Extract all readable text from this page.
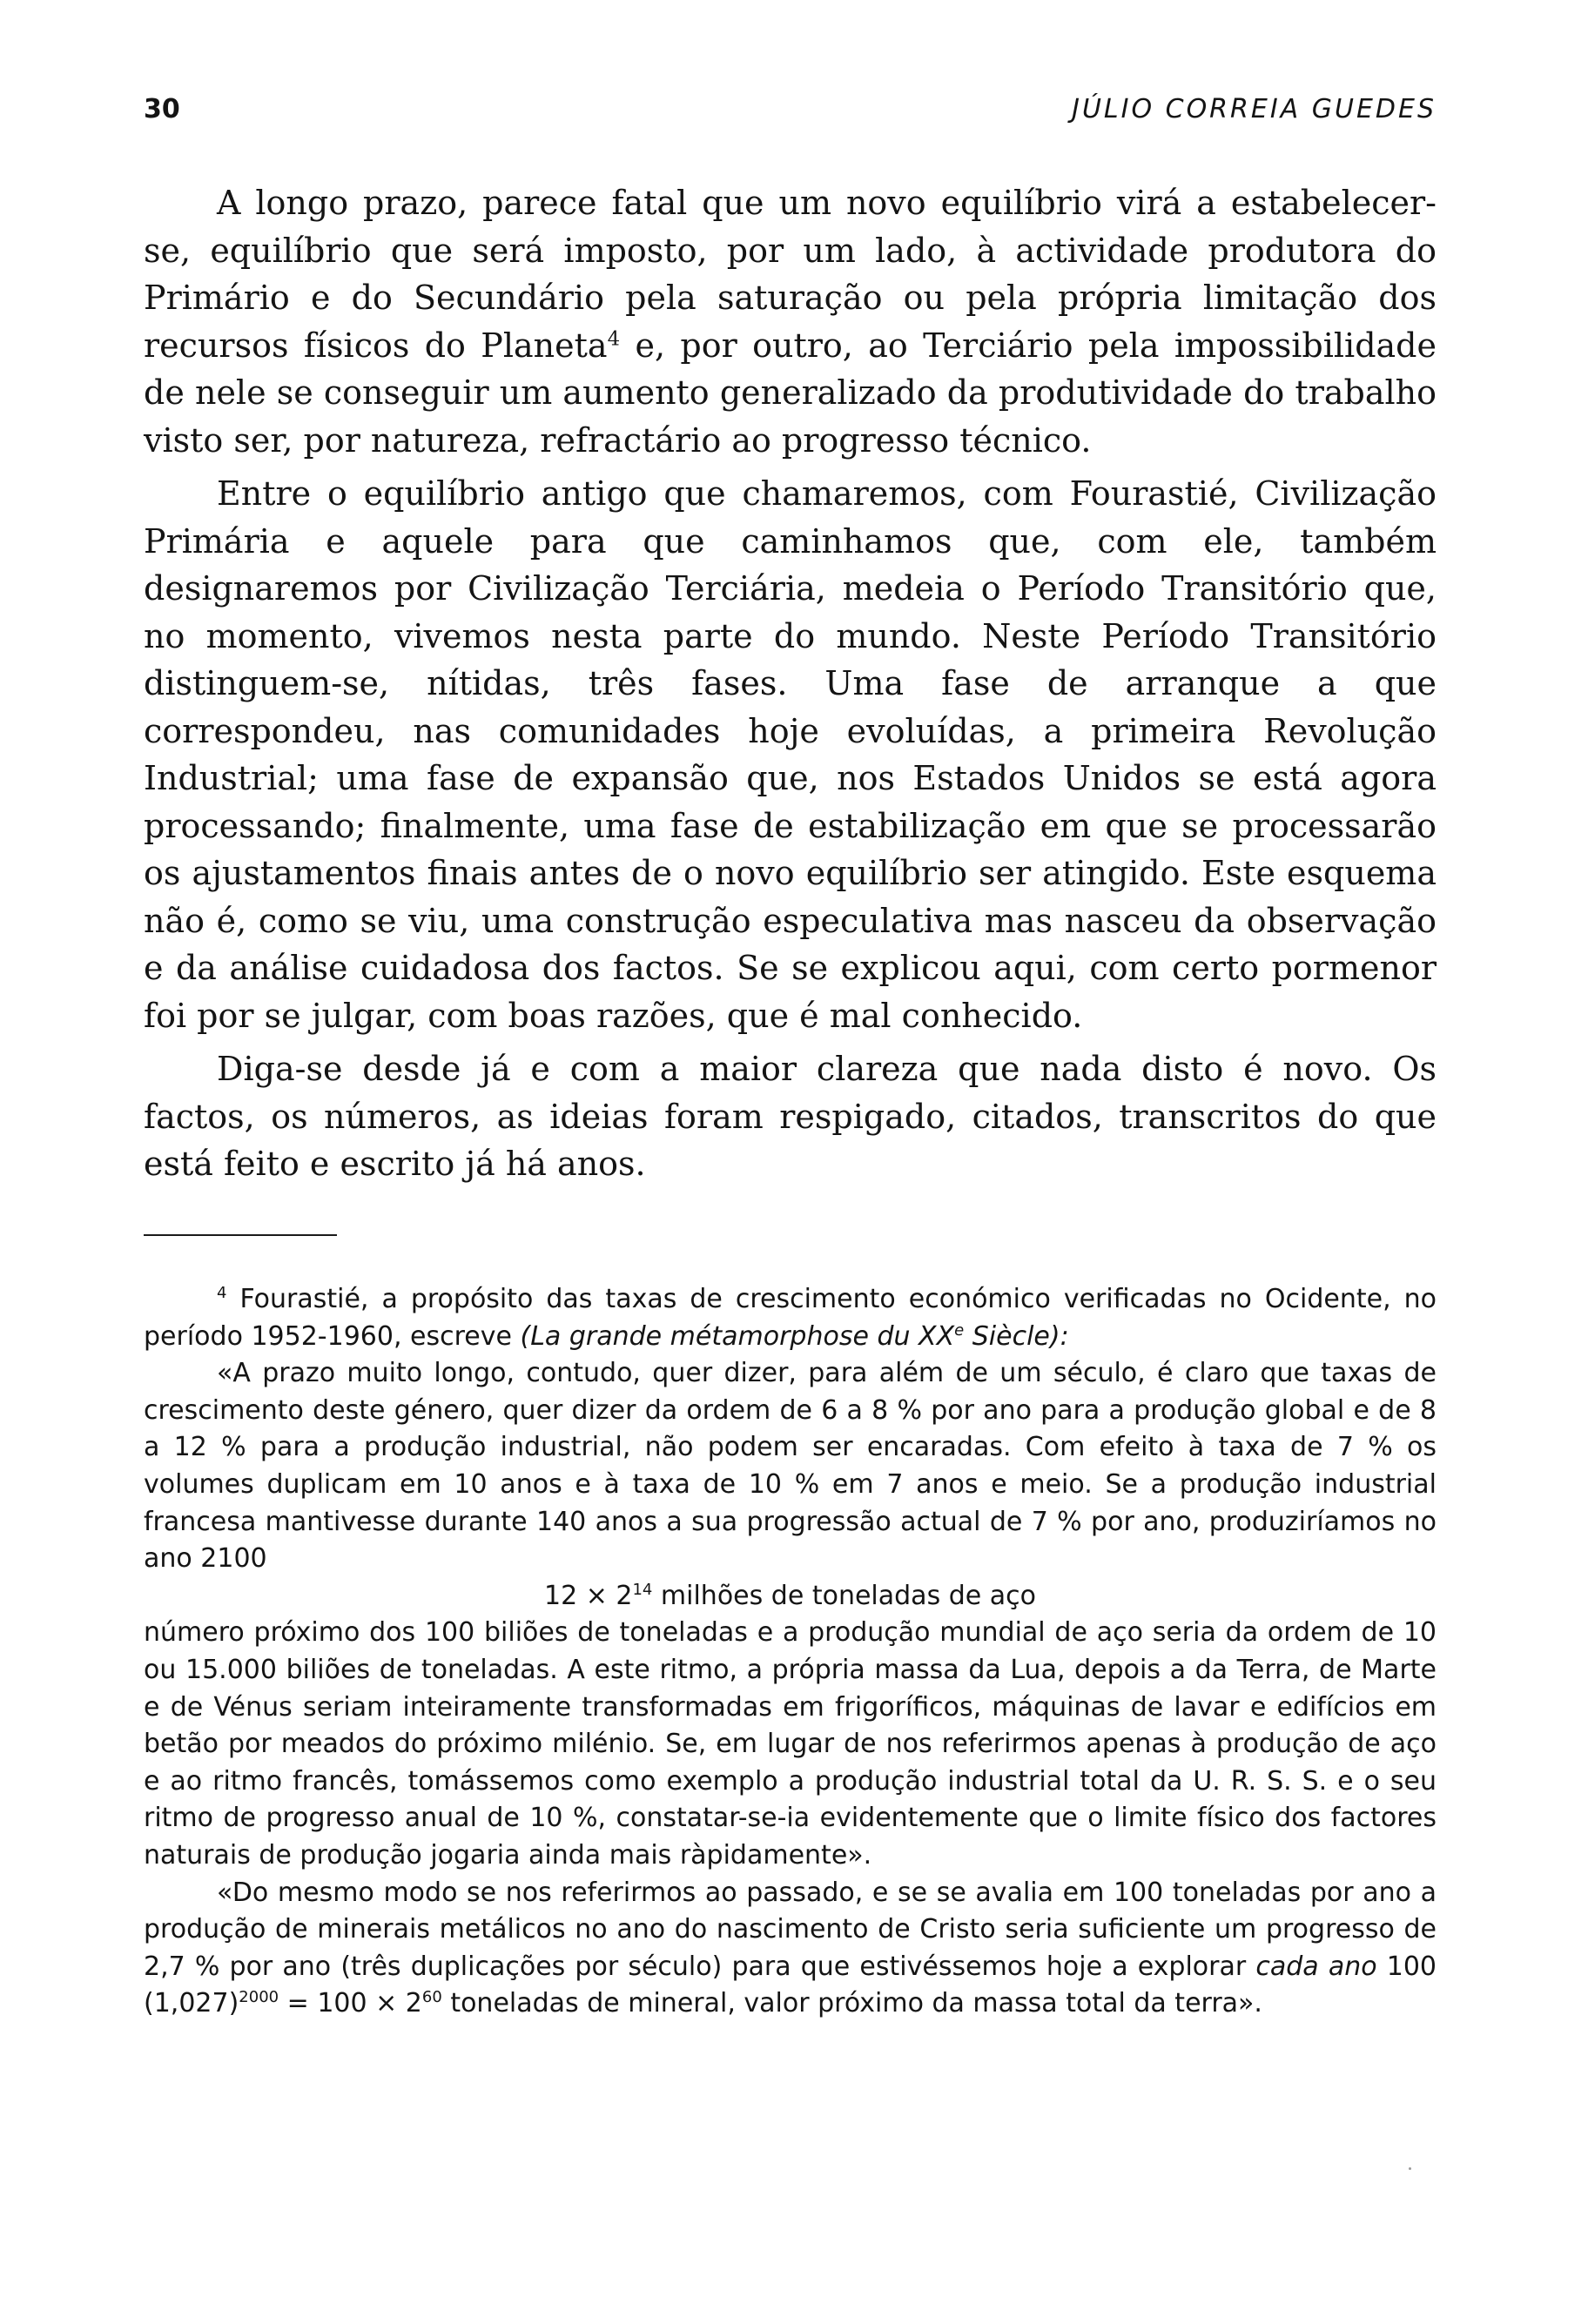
30	JÚLIO CORREIA GUEDES

A longo prazo, parece fatal que um novo equilíbrio virá a estabelecer-se, equilíbrio que será imposto, por um lado, à actividade produtora do Primário e do Secundário pela saturação ou pela própria limitação dos recursos físicos do Planeta$^4$ e, por outro, ao Terciário pela impossibilidade de nele se conseguir um aumento generalizado da produtividade do trabalho visto ser, por natureza, refractário ao progresso técnico.

Entre o equilíbrio antigo que chamaremos, com Fourastié, Civilização Primária e aquele para que caminhamos que, com ele, também designaremos por Civilização Terciária, medeia o Período Transitório que, no momento, vivemos nesta parte do mundo. Neste Período Transitório distinguem-se, nítidas, três fases. Uma fase de arranque a que correspondeu, nas comunidades hoje evoluídas, a primeira Revolução Industrial; uma fase de expansão que, nos Estados Unidos se está agora processando; finalmente, uma fase de estabilização em que se processarão os ajustamentos finais antes de o novo equilíbrio ser atingido. Este esquema não é, como se viu, uma construção especulativa mas nasceu da observação e da análise cuidadosa dos factos. Se se explicou aqui, com certo pormenor foi por se julgar, com boas razões, que é mal conhecido.

Diga-se desde já e com a maior clareza que nada disto é novo. Os factos, os números, as ideias foram respigado, citados, transcritos do que está feito e escrito já há anos.

$^4$ Fourastié, a propósito das taxas de crescimento económico verificadas no Ocidente, no período 1952-1960, escreve (La grande métamorphose du XXe Siècle):

«A prazo muito longo, contudo, quer dizer, para além de um século, é claro que taxas de crescimento deste género, quer dizer da ordem de 6 a 8 % por ano para a produção global e de 8 a 12 % para a produção industrial, não podem ser encaradas. Com efeito à taxa de 7 % os volumes duplicam em 10 anos e à taxa de 10 % em 7 anos e meio. Se a produção industrial francesa mantivesse durante 140 anos a sua progressão actual de 7 % por ano, produziríamos no ano 2100

$12 \times 2^{14}$ milhões de toneladas de aço

número próximo dos 100 biliões de toneladas e a produção mundial de aço seria da ordem de 10 ou 15.000 biliões de toneladas. A este ritmo, a própria massa da Lua, depois a da Terra, de Marte e de Vénus seriam inteiramente transformadas em frigoríficos, máquinas de lavar e edifícios em betão por meados do próximo milénio. Se, em lugar de nos referirmos apenas à produção de aço e ao ritmo francês, tomássemos como exemplo a produção industrial total da U. R. S. S. e o seu ritmo de progresso anual de 10 %, constatar-se-ia evidentemente que o limite físico dos factores naturais de produção jogaria ainda mais ràpidamente».

«Do mesmo modo se nos referirmos ao passado, e se se avalia em 100 toneladas por ano a produção de minerais metálicos no ano do nascimento de Cristo seria suficiente um progresso de 2,7 % por ano (três duplicações por século) para que estivéssemos hoje a explorar cada ano 100 $(1,027)^{2000} = 100 \times 2^{60}$ toneladas de mineral, valor próximo da massa total da terra».
